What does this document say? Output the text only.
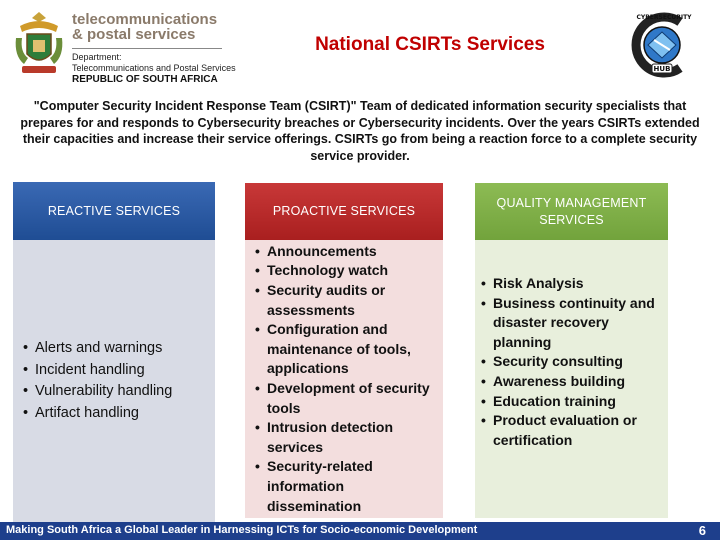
telecommunications
& postal services
Department:
Telecommunications and Postal Services
REPUBLIC OF SOUTH AFRICA
National CSIRTs Services
HUB
CYBERSECURITY

"Computer Security Incident Response Team (CSIRT)" Team of dedicated information security specialists that prepares for and responds to Cybersecurity breaches or Cybersecurity incidents. Over the years CSIRTs extended their capacities and increase their service offerings. CSIRTs go from being a reaction force to a complete security service provider.

REACTIVE SERVICES
• Alerts and warnings
• Incident handling
• Vulnerability handling
• Artifact handling
PROACTIVE SERVICES
• Announcements
• Technology watch
• Security audits or assessments
• Configuration and maintenance of tools, applications
• Development of security tools
• Intrusion detection services
• Security-related information dissemination
QUALITY MANAGEMENT SERVICES
• Risk Analysis
• Business continuity and disaster recovery planning
• Security consulting
• Awareness building
• Education training
• Product evaluation or certification
Making South Africa a Global Leader in Harnessing ICTs for Socio-economic Development	6
